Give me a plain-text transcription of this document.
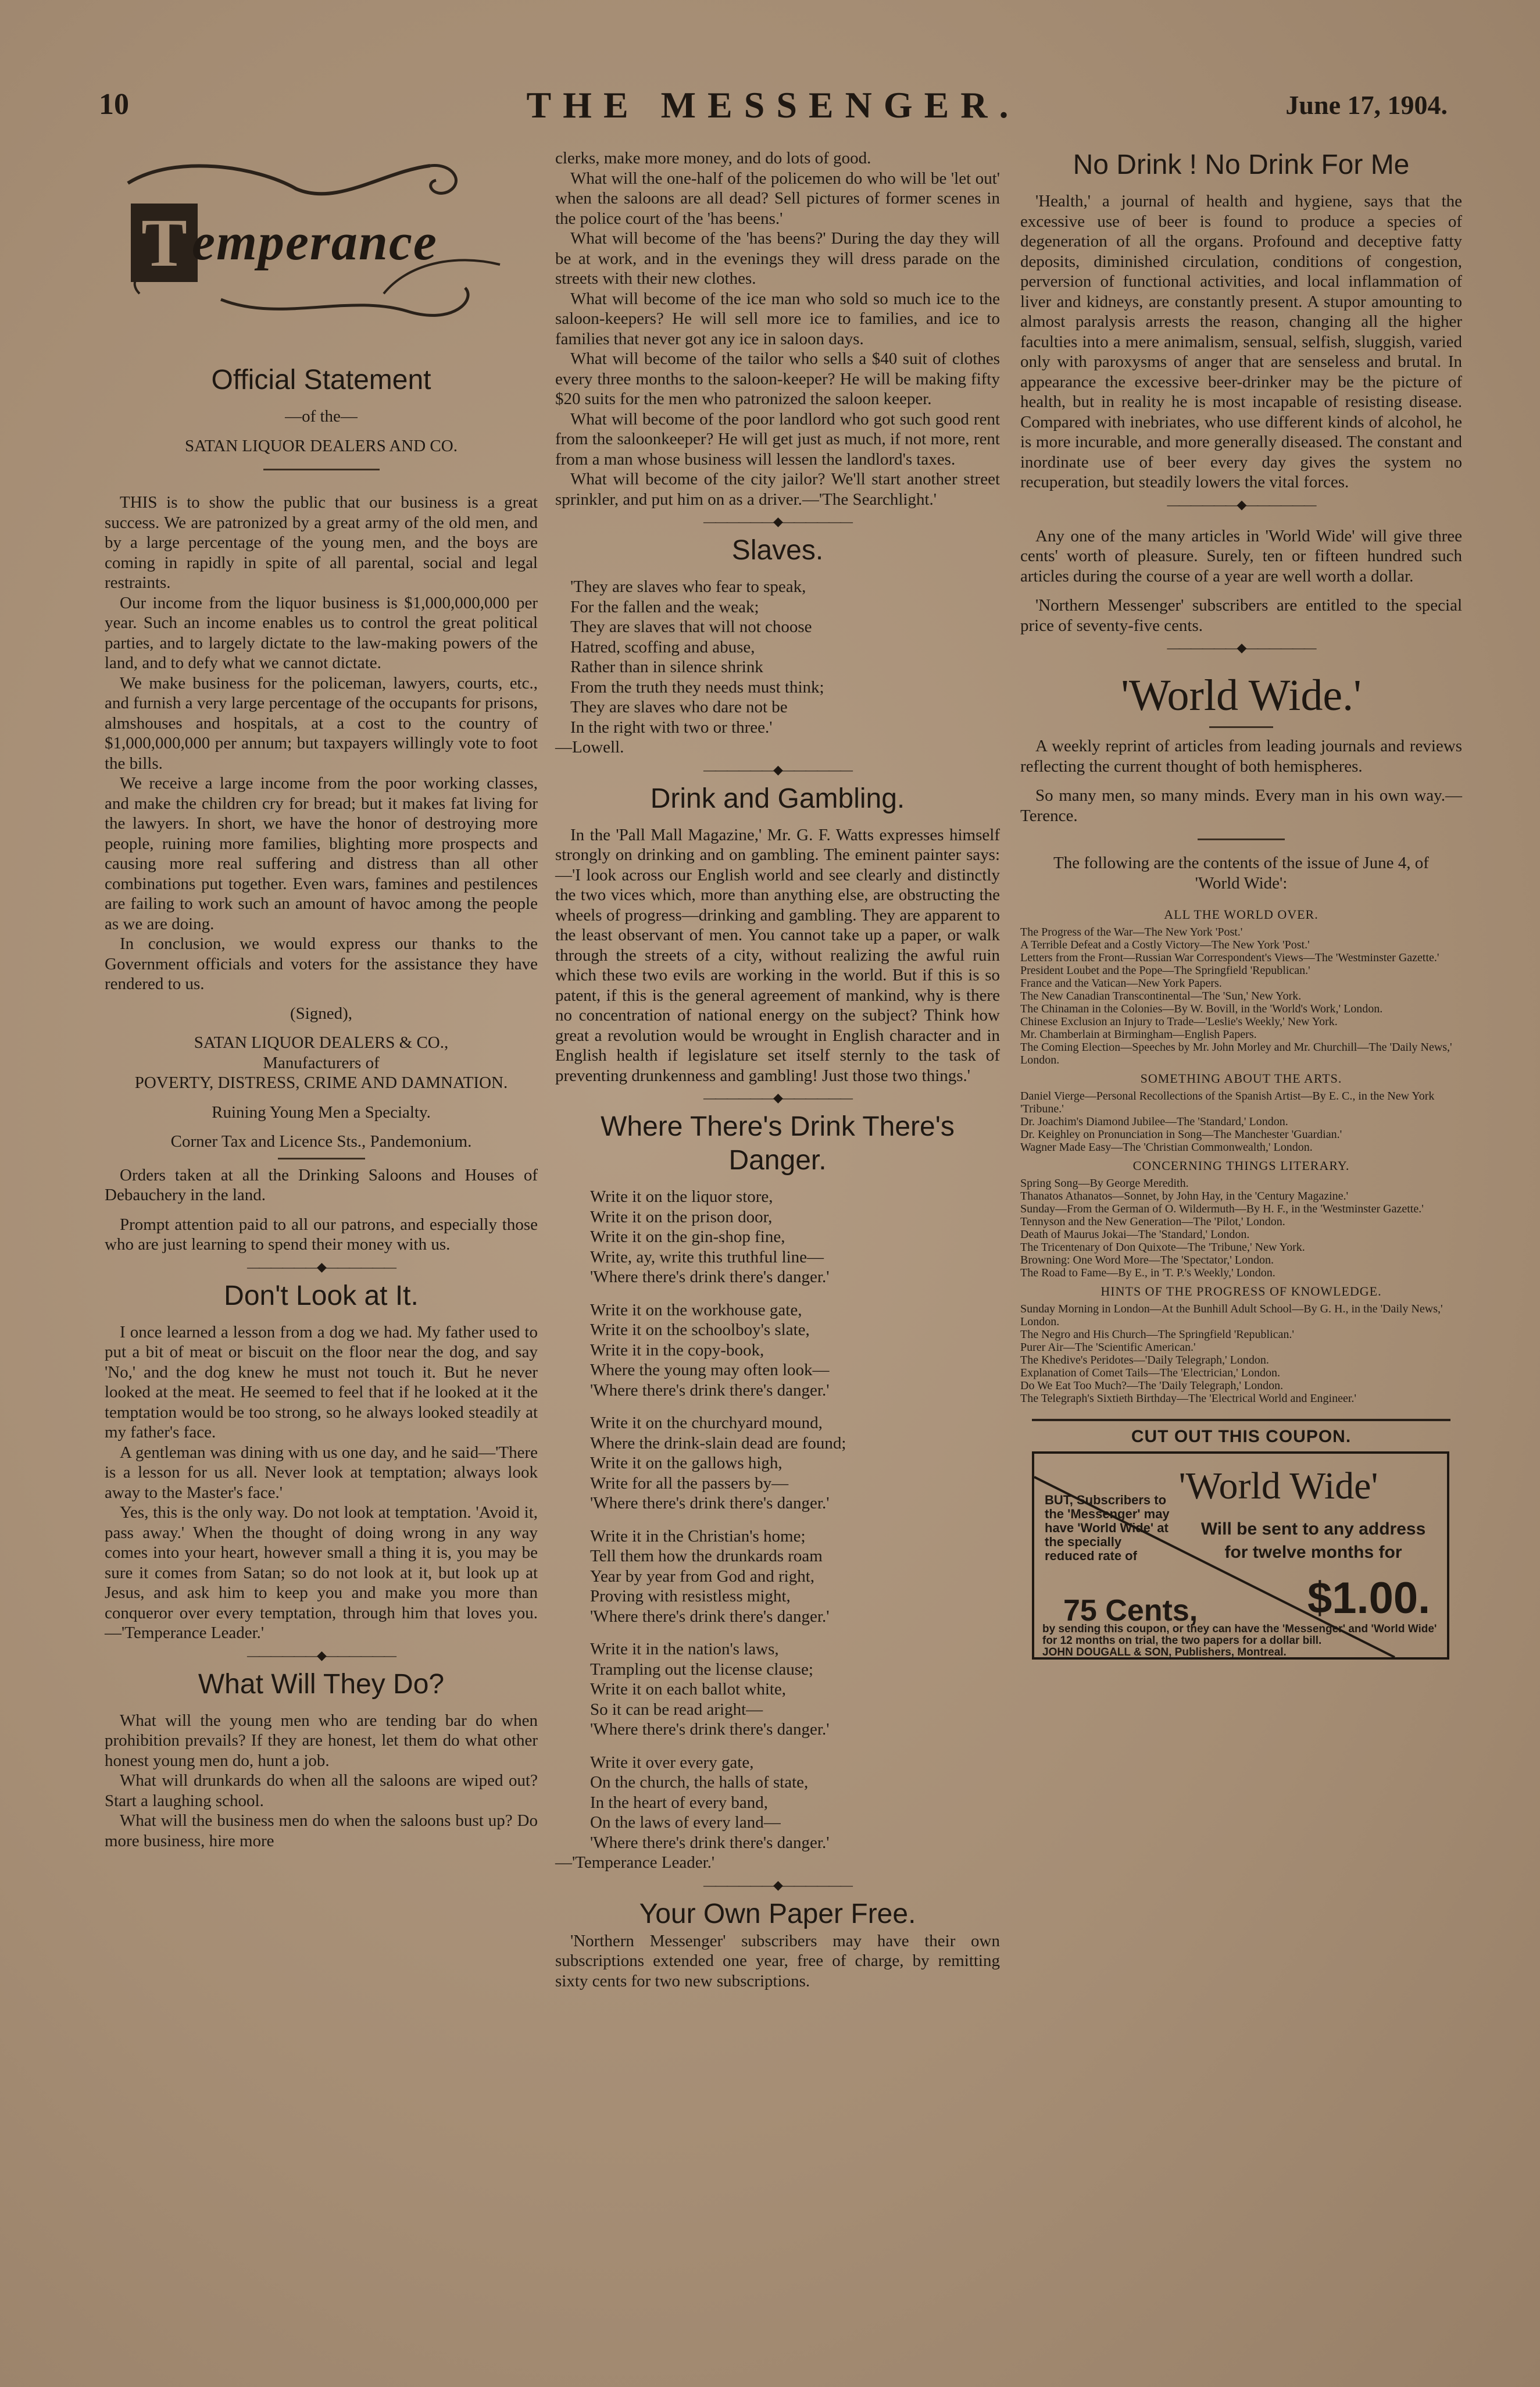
10	THE MESSENGER.	June 17, 1904.
T emperance
Official Statement

—of the—

SATAN LIQUOR DEALERS AND CO.

THIS is to show the public that our business is a great success. We are patronized by a great army of the old men, and by a large percentage of the young men, and the boys are coming in rapidly in spite of all parental, social and legal restraints.

Our income from the liquor business is $1,000,000,000 per year. Such an income enables us to control the great political parties, and to largely dictate to the law-making powers of the land, and to defy what we cannot dictate.

We make business for the policeman, lawyers, courts, etc., and furnish a very large percentage of the occupants for prisons, almshouses and hospitals, at a cost to the country of $1,000,000,000 per annum; but taxpayers willingly vote to foot the bills.

We receive a large income from the poor working classes, and make the children cry for bread; but it makes fat living for the lawyers. In short, we have the honor of destroying more people, ruining more families, blighting more prospects and causing more real suffering and distress than all other combinations put together. Even wars, famines and pestilences are failing to work such an amount of havoc among the people as we are doing.

In conclusion, we would express our thanks to the Government officials and voters for the assistance they have rendered to us.

(Signed),

SATAN LIQUOR DEALERS & CO.,

Manufacturers of

POVERTY, DISTRESS, CRIME AND DAMNATION.

Ruining Young Men a Specialty.

Corner Tax and Licence Sts., Pandemonium.

Orders taken at all the Drinking Saloons and Houses of Debauchery in the land.

Prompt attention paid to all our patrons, and especially those who are just learning to spend their money with us.

——————◆——————
Don't Look at It.

I once learned a lesson from a dog we had. My father used to put a bit of meat or biscuit on the floor near the dog, and say 'No,' and the dog knew he must not touch it. But he never looked at the meat. He seemed to feel that if he looked at it the temptation would be too strong, so he always looked steadily at my father's face.

A gentleman was dining with us one day, and he said—'There is a lesson for us all. Never look at temptation; always look away to the Master's face.'

Yes, this is the only way. Do not look at temptation. 'Avoid it, pass away.' When the thought of doing wrong in any way comes into your heart, however small a thing it is, you may be sure it comes from Satan; so do not look at it, but look up at Jesus, and ask him to keep you and make you more than conqueror over every temptation, through him that loves you.—'Temperance Leader.'

——————◆——————
What Will They Do?

What will the young men who are tending bar do when prohibition prevails? If they are honest, let them do what other honest young men do, hunt a job.

What will drunkards do when all the saloons are wiped out? Start a laughing school.

What will the business men do when the saloons bust up? Do more business, hire more

clerks, make more money, and do lots of good.

What will the one-half of the policemen do who will be 'let out' when the saloons are all dead? Sell pictures of former scenes in the police court of the 'has beens.'

What will become of the 'has beens?' During the day they will be at work, and in the evenings they will dress parade on the streets with their new clothes.

What will become of the ice man who sold so much ice to the saloon-keepers? He will sell more ice to families, and ice to families that never got any ice in saloon days.

What will become of the tailor who sells a $40 suit of clothes every three months to the saloon-keeper? He will be making fifty $20 suits for the men who patronized the saloon keeper.

What will become of the poor landlord who got such good rent from the saloonkeeper? He will get just as much, if not more, rent from a man whose business will lessen the landlord's taxes.

What will become of the city jailor? We'll start another street sprinkler, and put him on as a driver.—'The Searchlight.'

——————◆——————
Slaves.

'They are slaves who fear to speak,

For the fallen and the weak;

They are slaves that will not choose

Hatred, scoffing and abuse,

Rather than in silence shrink

From the truth they needs must think;

They are slaves who dare not be

In the right with two or three.'

—Lowell.

——————◆——————
Drink and Gambling.

In the 'Pall Mall Magazine,' Mr. G. F. Watts expresses himself strongly on drinking and on gambling. The eminent painter says:—'I look across our English world and see clearly and distinctly the two vices which, more than anything else, are obstructing the wheels of progress—drinking and gambling. They are apparent to the least observant of men. You cannot take up a paper, or walk through the streets of a city, without realizing the awful ruin which these two evils are working in the world. But if this is so patent, if this is the general agreement of mankind, why is there no concentration of national energy on the subject? Think how great a revolution would be wrought in English character and in English health if legislature set itself sternly to the task of preventing drunkenness and gambling! Just those two things.'

——————◆——————
Where There's Drink There's Danger.

Write it on the liquor store,

Write it on the prison door,

Write it on the gin-shop fine,

Write, ay, write this truthful line—

'Where there's drink there's danger.'

Write it on the workhouse gate,

Write it on the schoolboy's slate,

Write it in the copy-book,

Where the young may often look—

'Where there's drink there's danger.'

Write it on the churchyard mound,

Where the drink-slain dead are found;

Write it on the gallows high,

Write for all the passers by—

'Where there's drink there's danger.'

Write it in the Christian's home;

Tell them how the drunkards roam

Year by year from God and right,

Proving with resistless might,

'Where there's drink there's danger.'

Write it in the nation's laws,

Trampling out the license clause;

Write it on each ballot white,

So it can be read aright—

'Where there's drink there's danger.'

Write it over every gate,

On the church, the halls of state,

In the heart of every band,

On the laws of every land—

'Where there's drink there's danger.'

—'Temperance Leader.'

——————◆——————
Your Own Paper Free.

'Northern Messenger' subscribers may have their own subscriptions extended one year, free of charge, by remitting sixty cents for two new subscriptions.

No Drink ! No Drink For Me

'Health,' a journal of health and hygiene, says that the excessive use of beer is found to produce a species of degeneration of all the organs. Profound and deceptive fatty deposits, diminished circulation, conditions of congestion, perversion of functional activities, and local inflammation of liver and kidneys, are constantly present. A stupor amounting to almost paralysis arrests the reason, changing all the higher faculties into a mere animalism, sensual, selfish, sluggish, varied only with paroxysms of anger that are senseless and brutal. In appearance the excessive beer-drinker may be the picture of health, but in reality he is most incapable of resisting disease. Compared with inebriates, who use different kinds of alcohol, he is more incurable, and more generally diseased. The constant and inordinate use of beer every day gives the system no recuperation, but steadily lowers the vital forces.

——————◆——————

Any one of the many articles in 'World Wide' will give three cents' worth of pleasure. Surely, ten or fifteen hundred such articles during the course of a year are well worth a dollar.

'Northern Messenger' subscribers are entitled to the special price of seventy-five cents.

——————◆——————
'World Wide.'

A weekly reprint of articles from leading journals and reviews reflecting the current thought of both hemispheres.

So many men, so many minds. Every man in his own way.—Terence.

The following are the contents of the issue of June 4, of 'World Wide':

ALL THE WORLD OVER.

The Progress of the War—The New York 'Post.'

A Terrible Defeat and a Costly Victory—The New York 'Post.'

Letters from the Front—Russian War Correspondent's Views—The 'Westminster Gazette.'

President Loubet and the Pope—The Springfield 'Republican.'

France and the Vatican—New York Papers.

The New Canadian Transcontinental—The 'Sun,' New York.

The Chinaman in the Colonies—By W. Bovill, in the 'World's Work,' London.

Chinese Exclusion an Injury to Trade—'Leslie's Weekly,' New York.

Mr. Chamberlain at Birmingham—English Papers.

The Coming Election—Speeches by Mr. John Morley and Mr. Churchill—The 'Daily News,' London.

SOMETHING ABOUT THE ARTS.

Daniel Vierge—Personal Recollections of the Spanish Artist—By E. C., in the New York 'Tribune.'

Dr. Joachim's Diamond Jubilee—The 'Standard,' London.

Dr. Keighley on Pronunciation in Song—The Manchester 'Guardian.'

Wagner Made Easy—The 'Christian Commonwealth,' London.

CONCERNING THINGS LITERARY.

Spring Song—By George Meredith.

Thanatos Athanatos—Sonnet, by John Hay, in the 'Century Magazine.'

Sunday—From the German of O. Wildermuth—By H. F., in the 'Westminster Gazette.'

Tennyson and the New Generation—The 'Pilot,' London.

Death of Maurus Jokai—The 'Standard,' London.

The Tricentenary of Don Quixote—The 'Tribune,' New York.

Browning: One Word More—The 'Spectator,' London.

The Road to Fame—By E., in 'T. P.'s Weekly,' London.

HINTS OF THE PROGRESS OF KNOWLEDGE.

Sunday Morning in London—At the Bunhill Adult School—By G. H., in the 'Daily News,' London.

The Negro and His Church—The Springfield 'Republican.'

Purer Air—The 'Scientific American.'

The Khedive's Peridotes—'Daily Telegraph,' London.

Explanation of Comet Tails—The 'Electrician,' London.

Do We Eat Too Much?—The 'Daily Telegraph,' London.

The Telegraph's Sixtieth Birthday—The 'Electrical World and Engineer.'

CUT OUT THIS COUPON.
'World Wide'
Will be sent to any address for twelve months for
BUT, Subscribers to the 'Messenger' may have 'World Wide' at the specially reduced rate of
$1.00.
75 Cents,
by sending this coupon, or they can have the 'Messenger' and 'World Wide' for 12 months on trial, the two papers for a dollar bill.
JOHN DOUGALL & SON, Publishers, Montreal.
